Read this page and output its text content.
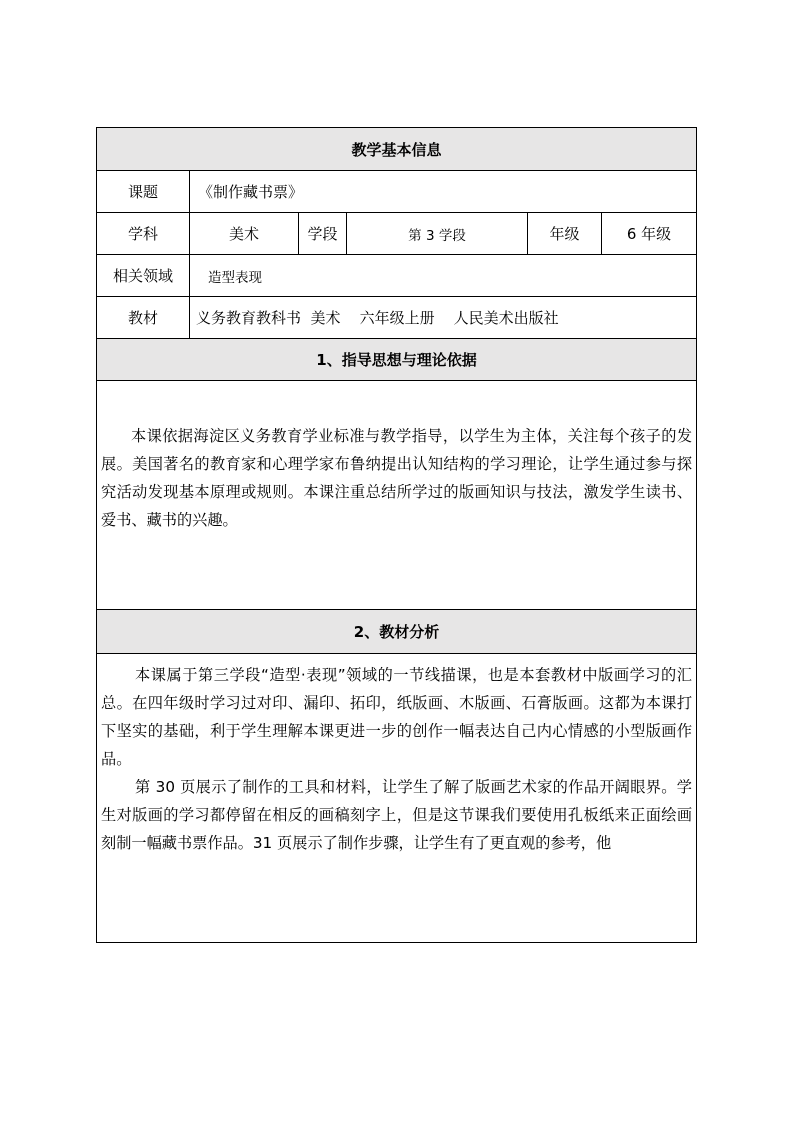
教学基本信息
课题	《制作藏书票》
学科	美术	学段	第 3 学段	年级	6 年级
相关领域	造型表现
教材	义务教育教科书  美术    六年级上册    人民美术出版社
1、指导思想与理论依据

本课依据海淀区义务教育学业标准与教学指导，以学生为主体，关注每个孩子的发展。美国著名的教育家和心理学家布鲁纳提出认知结构的学习理论，让学生通过参与探究活动发现基本原理或规则。本课注重总结所学过的版画知识与技法，激发学生读书、爱书、藏书的兴趣。

2、教材分析

本课属于第三学段“造型·表现”领域的一节线描课，也是本套教材中版画学习的汇总。在四年级时学习过对印、漏印、拓印，纸版画、木版画、石膏版画。这都为本课打下坚实的基础，利于学生理解本课更进一步的创作一幅表达自己内心情感的小型版画作品。

第 30 页展示了制作的工具和材料，让学生了解了版画艺术家的作品开阔眼界。学生对版画的学习都停留在相反的画稿刻字上，但是这节课我们要使用孔板纸来正面绘画刻制一幅藏书票作品。31 页展示了制作步骤，让学生有了更直观的参考，他
